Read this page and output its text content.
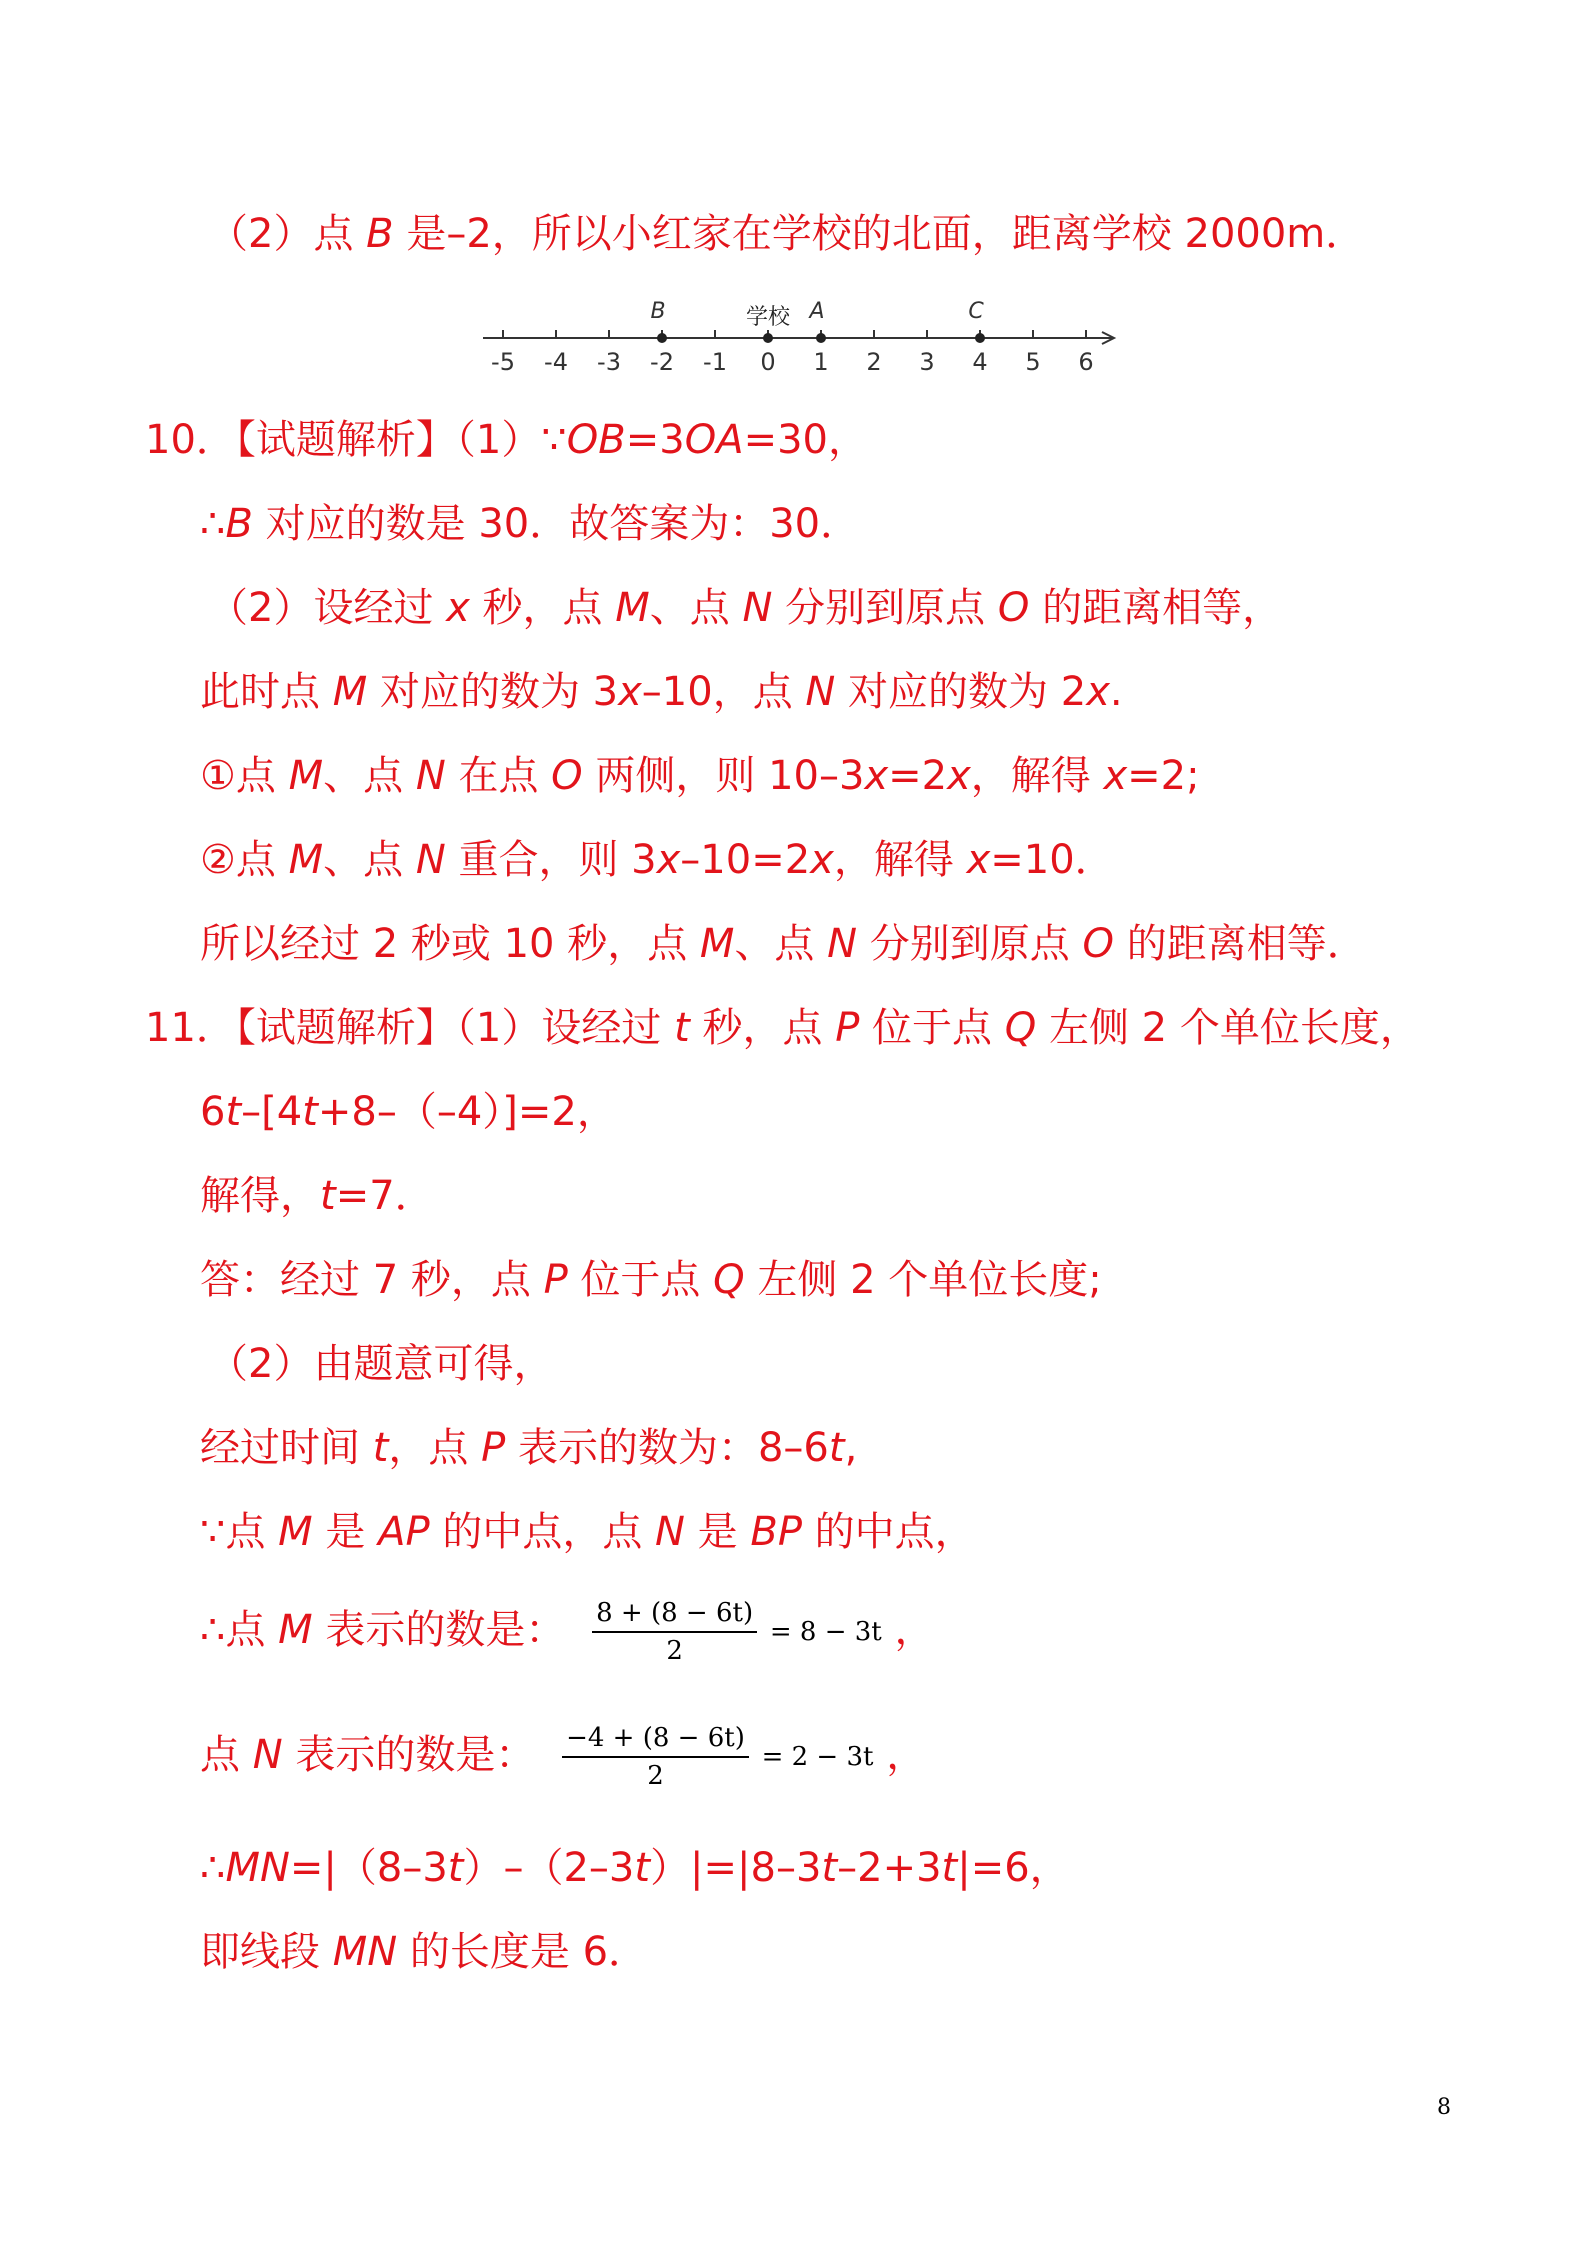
（2）点 B 是–2，所以小红家在学校的北面，距离学校 2000m．
-5 -4 -3 -2 -1 0 1 2 3 4 5 6
B	A	C
学校
10．【试题解析】（1）∵OB=3OA=30，
∴B 对应的数是 30．故答案为：30．
（2）设经过 x 秒，点 M、点 N 分别到原点 O 的距离相等，
此时点 M 对应的数为 3x–10，点 N 对应的数为 2x.
①点 M、点 N 在点 O 两侧，则 10–3x=2x，解得 x=2;
②点 M、点 N 重合，则 3x–10=2x，解得 x=10．
所以经过 2 秒或 10 秒，点 M、点 N 分别到原点 O 的距离相等．
11．【试题解析】（1）设经过 t 秒，点 P 位于点 Q 左侧 2 个单位长度，
6t–[4t+8–（–4）]=2，
解得，t=7．
答：经过 7 秒，点 P 位于点 Q 左侧 2 个单位长度;
（2）由题意可得，
经过时间 t，点 P 表示的数为：8–6t,
∵点 M 是 AP 的中点，点 N 是 BP 的中点，
∴点 M 表示的数是： $\frac{8 + (8 - 6t)}{2} = 8 - 3t$ ，
点 N 表示的数是： $\frac{-4 + (8 - 6t)}{2} = 2 - 3t$ ，
∴MN=|（8–3t）–（2–3t）|=|8–3t–2+3t|=6，
即线段 MN 的长度是 6．
8
